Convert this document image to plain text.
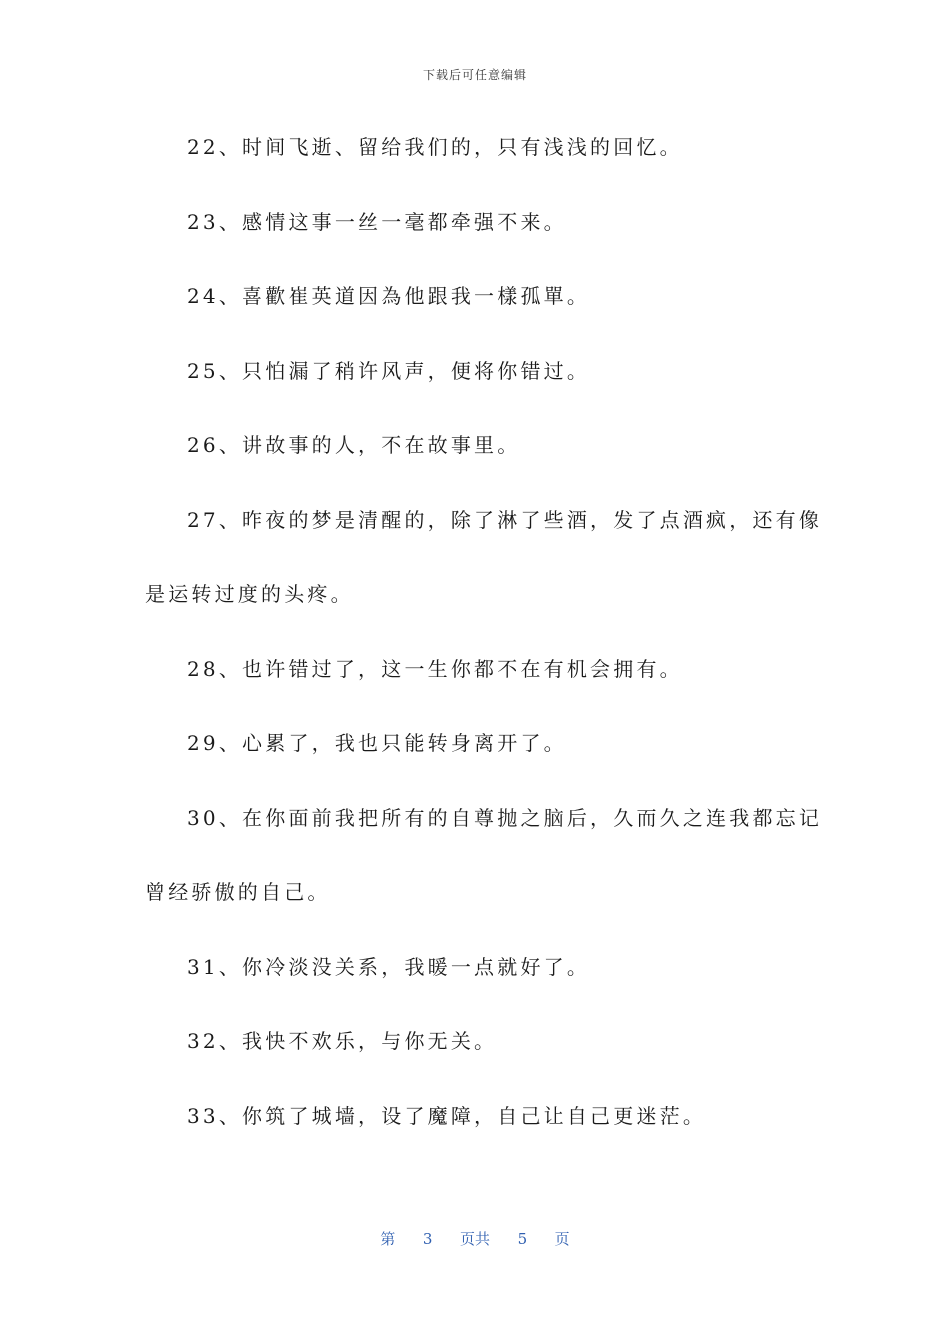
下载后可任意编辑
22、时间飞逝、留给我们的，只有浅浅的回忆。
23、感情这事一丝一毫都牵强不来。
24、喜歡崔英道因為他跟我一樣孤單。
25、只怕漏了稍许风声，便将你错过。
26、讲故事的人，不在故事里。
27、昨夜的梦是清醒的，除了淋了些酒，发了点酒疯，还有像
是运转过度的头疼。
28、也许错过了，这一生你都不在有机会拥有。
29、心累了，我也只能转身离开了。
30、在你面前我把所有的自尊抛之脑后，久而久之连我都忘记
曾经骄傲的自己。
31、你冷淡没关系，我暖一点就好了。
32、我快不欢乐，与你无关。
33、你筑了城墙，设了魔障，自己让自己更迷茫。
第 3 页共 5 页
